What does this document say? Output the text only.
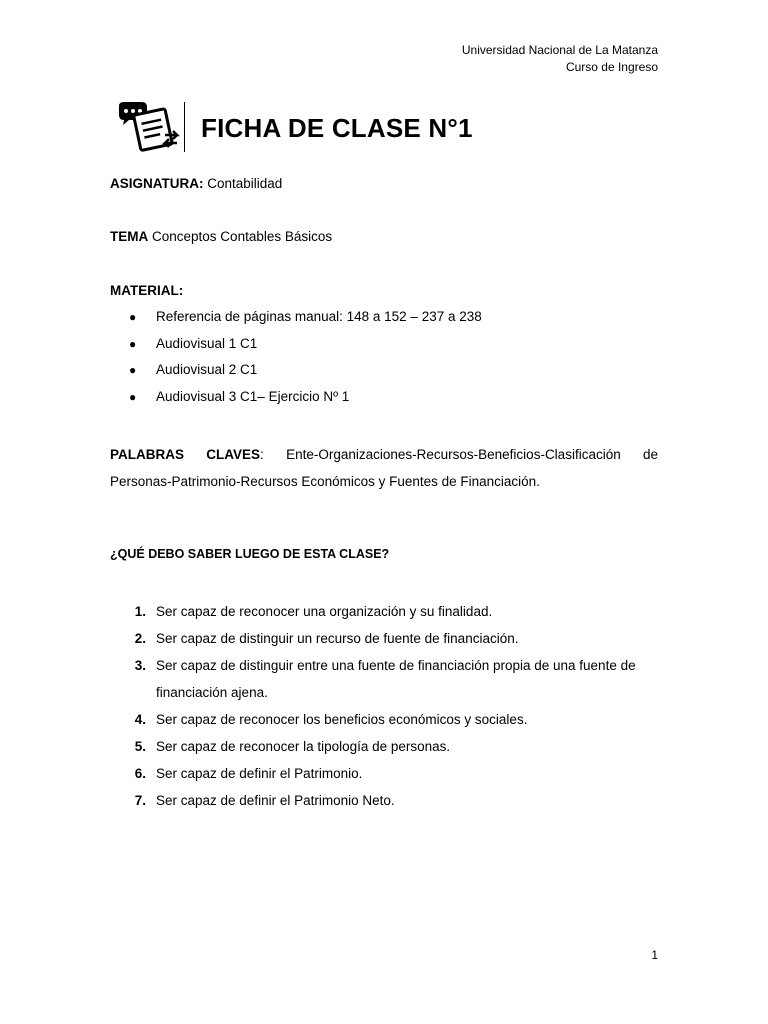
Universidad Nacional de La Matanza
Curso de Ingreso
FICHA DE CLASE N°1
ASIGNATURA: Contabilidad
TEMA Conceptos Contables Básicos
MATERIAL:
●	Referencia de páginas manual: 148 a 152 – 237 a 238
●	Audiovisual 1 C1
●	Audiovisual 2 C1
●	Audiovisual 3 C1– Ejercicio Nº 1
PALABRAS CLAVES: Ente-Organizaciones-Recursos-Beneficios-Clasificación de Personas-Patrimonio-Recursos Económicos y Fuentes de Financiación.
¿QUÉ DEBO SABER LUEGO DE ESTA CLASE?
1. Ser capaz de reconocer una organización y su finalidad.
2. Ser capaz de distinguir un recurso de fuente de financiación.
3. Ser capaz de distinguir entre una fuente de financiación propia de una fuente de financiación ajena.
4. Ser capaz de reconocer los beneficios económicos y sociales.
5. Ser capaz de reconocer la tipología de personas.
6. Ser capaz de definir el Patrimonio.
7. Ser capaz de definir el Patrimonio Neto.
1
